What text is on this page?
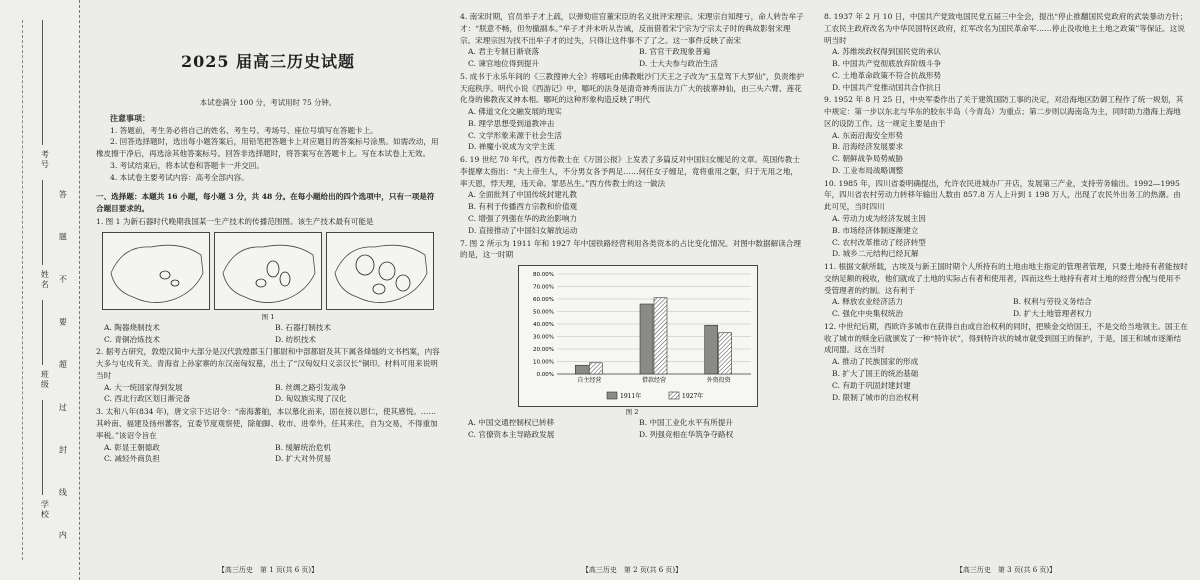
考号
姓名
班级
学校 答 题 不 要 超 过 封 线 内
2025 届高三历史试题
本试卷满分 100 分，考试用时 75 分钟。
注意事项：

1. 答题前，考生务必将自己的姓名、考生号、考场号、座位号填写在答题卡上。

2. 回答选择题时，选出每小题答案后，用铅笔把答题卡上对应题目的答案标号涂黑。如需改动，用橡皮擦干净后，再选涂其他答案标号。回答非选择题时，将答案写在答题卡上。写在本试卷上无效。

3. 考试结束后，将本试卷和答题卡一并交回。

4. 本试卷主要考试内容：高考全部内容。

一、选择题：本题共 16 小题，每小题 3 分，共 48 分。在每小题给出的四个选项中，只有一项是符合题目要求的。
1. 图 1 为新石器时代晚期我国某一生产技术的传播范围图。该生产技术最有可能是
图 1
A. 陶器烧制技术	B. 石器打制技术
C. 青铜冶炼技术	D. 纺织技术
2. 据考古研究，敦煌汉简中大部分是汉代敦煌郡玉门都尉和中部都尉及其下属各烽燧的文书档案，内容大多与屯戍有关。青海省上孙家寨的东汉南匈奴墓，出土了“汉匈奴归义亲汉长”铜印。材料可用来说明当时
A. 大一统国家得到发展	B. 丝绸之路引发战争
C. 西北行政区划日渐完备	D. 匈奴族实现了汉化
3. 太和八年(834 年)，唐文宗下达诏令：“南海蕃舶，本以慕化而来，固在接以恩仁，使其感悦。……其岭南、福建及扬州蕃客，宜委节度观察使，除舶脚、收市、进奉外，任其来往，自为交易，不得重加率税。”该诏令旨在
A. 彰显王朝德政	B. 缓解统治危机
C. 减轻外商负担	D. 扩大对外贸易
【高三历史　第 1 页(共 6 页)】
4. 南宋时期，官员举子才上疏，以弹劾宦官董宋臣的名义批评宋理宗。宋理宗自知理亏，命人转告牟子才：“朕意不畅，但勿撤副本。”牟子才并未听从告诫，反而借着宋宁宗为宁宗太子时的典故影射宋理宗。宋理宗因为找不出牟子才的过失，只得让这件事不了了之。这一事件反映了南宋
A. 君主专制日渐衰落	B. 官官干政现象普遍
C. 谏官地位得到提升	D. 士大夫参与政治生活
5. 成书于永乐年间的《三教搜神大全》将哪吒由佛教毗沙门天王之子改为“玉皇驾下大罗仙”，负责维护天庭秩序。明代小说《西游记》中，哪吒的法身是清奇神秀而法力广大的拔寨神仙，由三头六臂、莲花化身的佛教夜叉神本相。哪吒的这种形象构造反映了明代
A. 佛道文化交融发展的现实
B. 理学思想受到道教冲击
C. 文学形象来源于社会生活
D. 禅魔小说成为文学主流
6. 19 世纪 70 年代，西方传教士在《万国公报》上发表了多篇反对中国妇女缠足的文章。英国传教士李提摩太指出：“夫上帝生人，不分男女各予两足……何任女子缠足，竟将重用之躯，归于无用之地，率天恩，悖天理，违天命。罪恶丛生。”西方传教士的这一做法
A. 全面批判了中国传统封建礼教
B. 有利于传播西方宗教和价值观
C. 增强了列强在华的政治影响力
D. 直接推动了中国妇女解放运动
7. 图 2 所示为 1911 年和 1927 年中国铁路经营利用各类资本的占比变化情况。对图中数据解读合理的是，这一时期
0.00%
10.00%
20.00%
30.00%
40.00%
50.00%
60.00%
70.00%
80.00%
自主经营	借款经营	外资投资
1911年	1927年
图 2
A. 中国交通控制权已转移	B. 中国工业化水平有所提升
C. 官僚资本主导路政发展	D. 列强竞相在华筑争夺路权
【高三历史　第 2 页(共 6 页)】
8. 1937 年 2 月 10 日，中国共产党致电国民党五届三中全会，提出“停止推翻国民党政府的武装暴动方针；工农民主政府改名为中华民国特区政府，红军改名为国民革命军……停止没收地主土地之政策”等保证。这说明当时
A. 苏维埃政权得到国民党的承认
B. 中国共产党彻底放弃阶级斗争
C. 土地革命政策不符合抗战形势
D. 中国共产党推动国共合作抗日
9. 1952 年 8 月 25 日，中央军委作出了关于建筑国防工事的决定，对沿海地区防御工程作了统一规划，其中规定：第一步以东北与华东的胶东半岛（今青岛）为重点；第二步则以海南岛为主，同时助力渤海上海地区的设防工作。这一规定主要是由于
A. 东南沿海安全形势
B. 沿海经济发展要求
C. 朝鲜战争局势威胁
D. 工业布局战略调整
10. 1985 年，四川省委明确提出，允许农民进城办厂开店，发展第三产业，支持劳务输出。1992—1995 年，四川省农村劳动力转移年输出人数由 857.8 万人上升到 1 198 万人，出现了农民外出务工的热潮。由此可见，当时四川
A. 劳动力成为经济发展主因
B. 市场经济体制逐渐建立
C. 农村改革推动了经济转型
D. 城乡二元结构已经瓦解
11. 根据文献所载，古埃及与新王国时期个人所持有的土地由地主指定的管理者管理，只要土地持有者能按时交纳足额的税收，他们就成了土地的实际占有者和使用者，四而这些土地持有者对土地的经营分配与使用不受管理者的约制。这有利于
A. 释放农业经济活力	B. 权利与劳役义务结合
C. 强化中央集权统治	D. 扩大土地管理者权力
12. 中世纪后期，西欧许多城市在获得自由或自治权利的同时，把赎金交给国王，不是交给当地领主。国王在收了城市的赎金后就颁发了一种“特许状”，得到特许状的城市就受到国王的保护，于是，国王和城市逐渐结成同盟。这在当时
A. 推动了民族国家的形成
B. 扩大了国王的统治基础
C. 有助于巩固封建封建
D. 限制了城市的自治权利
【高三历史　第 3 页(共 6 页)】
